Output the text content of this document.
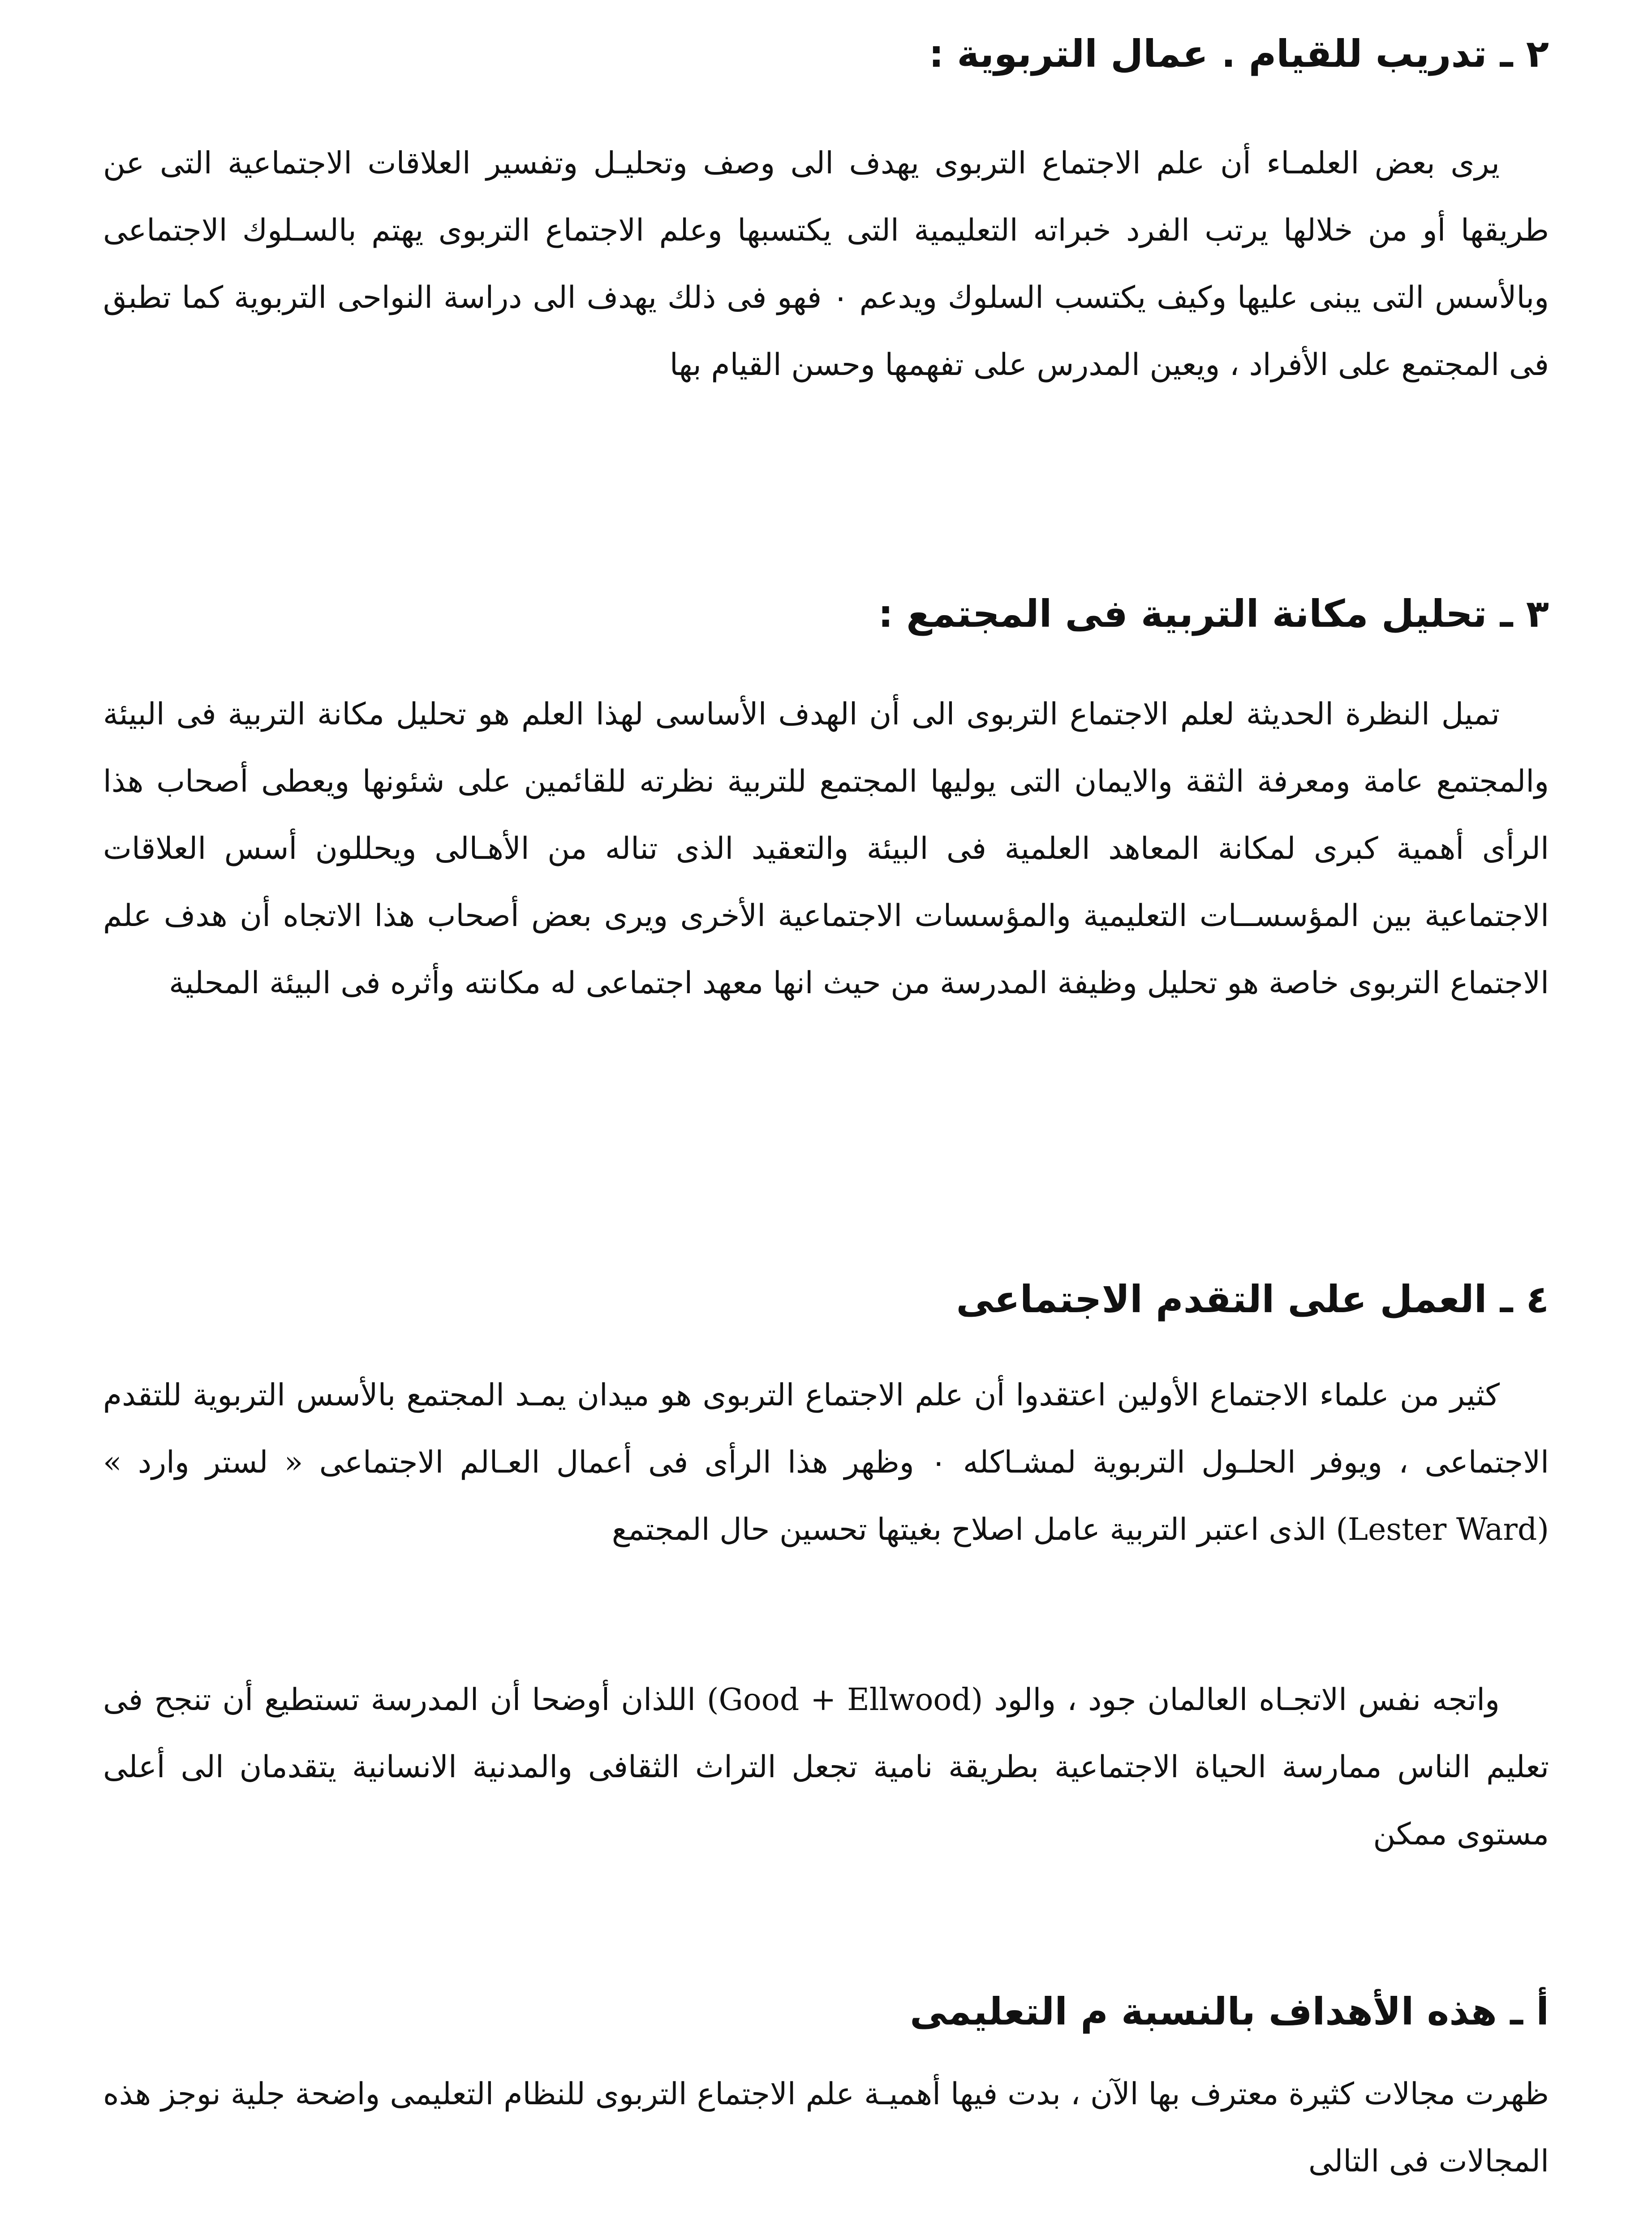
٢ ـ تدريب للقيام . عمال التربوية :

يرى بعض العلمـاء أن علم الاجتماع التربوى يهدف الى وصف وتحليـل وتفسير العلاقات الاجتماعية التى عن طريقها أو من خلالها يرتب الفرد خبراته التعليمية التى يكتسبها وعلم الاجتماع التربوى يهتم بالسـلوك الاجتماعى وبالأسس التى يبنى عليها وكيف يكتسب السلوك ويدعم ٠ فهو فى ذلك يهدف الى دراسة النواحى التربوية كما تطبق فى المجتمع على الأفراد ، ويعين المدرس على تفهمها وحسن القيام بها

٣ ـ تحليل مكانة التربية فى المجتمع :

تميل النظرة الحديثة لعلم الاجتماع التربوى الى أن الهدف الأساسى لهذا العلم هو تحليل مكانة التربية فى البيئة والمجتمع عامة ومعرفة الثقة والايمان التى يوليها المجتمع للتربية نظرته للقائمين على شئونها ويعطى أصحاب هذا الرأى أهمية كبرى لمكانة المعاهد العلمية فى البيئة والتعقيد الذى تناله من الأهـالى ويحللون أسس العلاقات الاجتماعية بين المؤسســات التعليمية والمؤسسات الاجتماعية الأخرى ويرى بعض أصحاب هذا الاتجاه أن هدف علم الاجتماع التربوى خاصة هو تحليل وظيفة المدرسة من حيث انها معهد اجتماعى له مكانته وأثره فى البيئة المحلية

٤ ـ العمل على التقدم الاجتماعى

كثير من علماء الاجتماع الأولين اعتقدوا أن علم الاجتماع التربوى هو ميدان يمـد المجتمع بالأسس التربوية للتقدم الاجتماعى ، ويوفر الحلـول التربوية لمشـاكله ٠ وظهر هذا الرأى فى أعمال العـالم الاجتماعى « لستر وارد » (Lester Ward) الذى اعتبر التربية عامل اصلاح بغيتها تحسين حال المجتمع

واتجه نفس الاتجـاه العالمان جود ، والود (Good + Ellwood) اللذان أوضحا أن المدرسة تستطيع أن تنجح فى تعليم الناس ممارسة الحياة الاجتماعية بطريقة نامية تجعل التراث الثقافى والمدنية الانسانية يتقدمان الى أعلى مستوى ممكن

أ ـ هذه الأهداف بالنسبة م التعليمى

ظهرت مجالات كثيرة معترف بها الآن ، بدت فيها أهميـة علم الاجتماع التربوى للنظام التعليمى واضحة جلية نوجز هذه المجالات فى التالى
